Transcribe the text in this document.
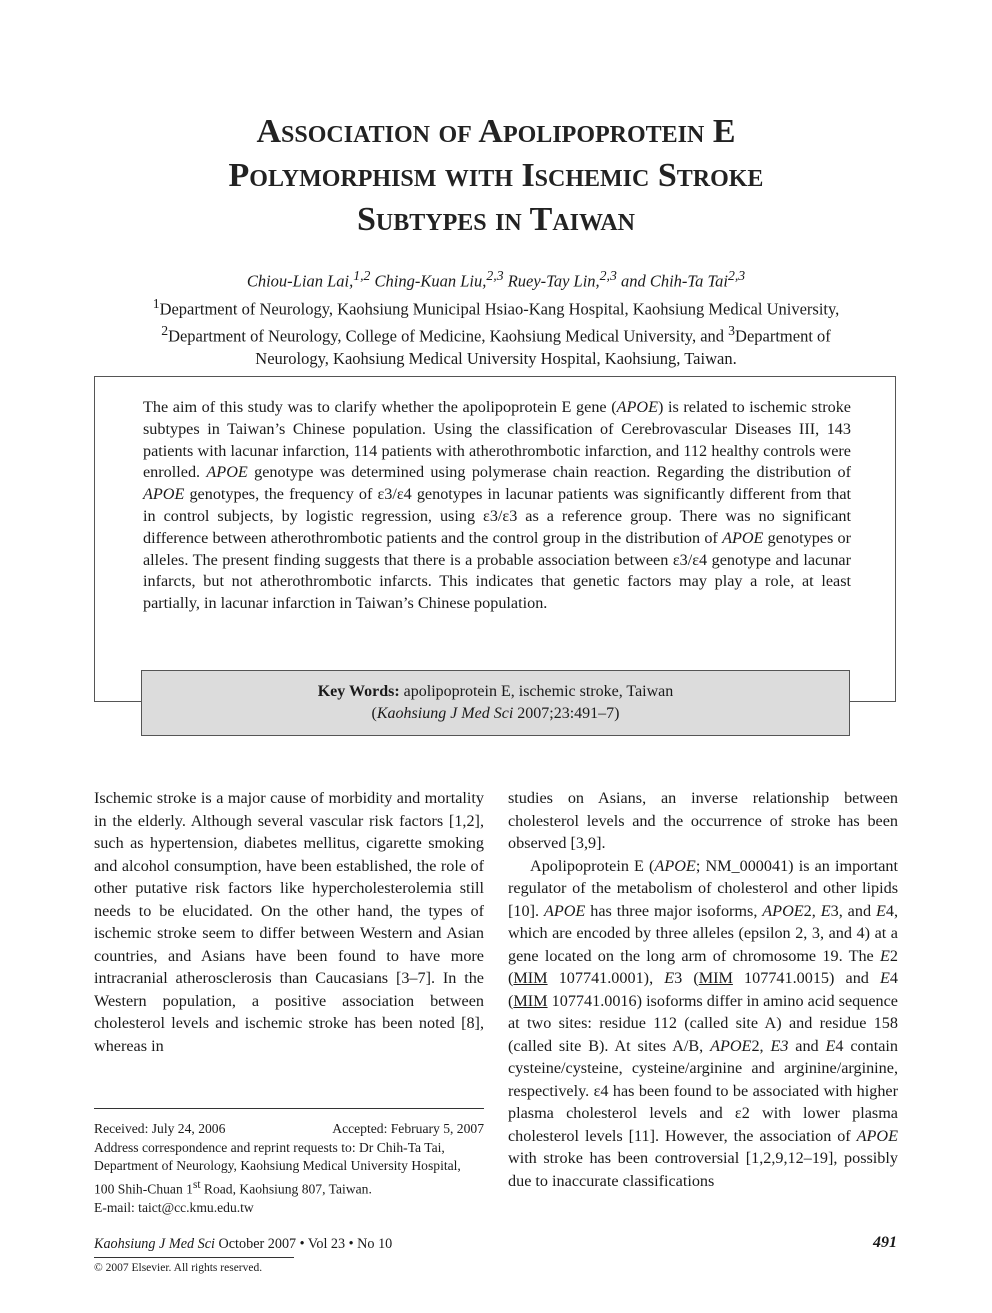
Association of Apolipoprotein E
Polymorphism with Ischemic Stroke
Subtypes in Taiwan
Chiou-Lian Lai,$^{1,2}$ Ching-Kuan Liu,$^{2,3}$ Ruey-Tay Lin,$^{2,3}$ and Chih-Ta Tai$^{2,3}$
$^1$Department of Neurology, Kaohsiung Municipal Hsiao-Kang Hospital, Kaohsiung Medical University,
$^2$Department of Neurology, College of Medicine, Kaohsiung Medical University, and $^3$Department of
Neurology, Kaohsiung Medical University Hospital, Kaohsiung, Taiwan.
The aim of this study was to clarify whether the apolipoprotein E gene (APOE) is related to ischemic stroke subtypes in Taiwan’s Chinese population. Using the classification of Cerebrovascular Diseases III, 143 patients with lacunar infarction, 114 patients with atherothrombotic infarction, and 112 healthy controls were enrolled. APOE genotype was determined using polymerase chain reaction. Regarding the distribution of APOE genotypes, the frequency of ε3/ε4 genotypes in lacunar patients was significantly different from that in control subjects, by logistic regression, using ε3/ε3 as a reference group. There was no significant difference between atherothrombotic patients and the control group in the distribution of APOE genotypes or alleles. The present finding suggests that there is a probable association between ε3/ε4 genotype and lacunar infarcts, but not atherothrombotic infarcts. This indicates that genetic factors may play a role, at least partially, in lacunar infarction in Taiwan’s Chinese population.
Key Words: apolipoprotein E, ischemic stroke, Taiwan
(Kaohsiung J Med Sci 2007;23:491–7)

Ischemic stroke is a major cause of morbidity and mortality in the elderly. Although several vascular risk factors [1,2], such as hypertension, diabetes mellitus, cigarette smoking and alcohol consumption, have been established, the role of other putative risk factors like hypercholesterolemia still needs to be elucidated. On the other hand, the types of ischemic stroke seem to differ between Western and Asian countries, and Asians have been found to have more intracranial atherosclerosis than Caucasians [3–7]. In the Western population, a positive association between cholesterol levels and ischemic stroke has been noted [8], whereas in

studies on Asians, an inverse relationship between cholesterol levels and the occurrence of stroke has been observed [3,9].

Apolipoprotein E (APOE; NM_000041) is an important regulator of the metabolism of cholesterol and other lipids [10]. APOE has three major isoforms, APOE2, E3, and E4, which are encoded by three alleles (epsilon 2, 3, and 4) at a gene located on the long arm of chromosome 19. The E2 (MIM 107741.0001), E3 (MIM 107741.0015) and E4 (MIM 107741.0016) isoforms differ in amino acid sequence at two sites: residue 112 (called site A) and residue 158 (called site B). At sites A/B, APOE2, E3 and E4 contain cysteine/cysteine, cysteine/arginine and arginine/arginine, respectively. ε4 has been found to be associated with higher plasma cholesterol levels and ε2 with lower plasma cholesterol levels [11]. However, the association of APOE with stroke has been controversial [1,2,9,12–19], possibly due to inaccurate classifications

Received: July 24, 2006	Accepted: February 5, 2007
Address correspondence and reprint requests to: Dr Chih-Ta Tai, Department of Neurology, Kaohsiung Medical University Hospital, 100 Shih-Chuan 1st Road, Kaohsiung 807, Taiwan.
E-mail: taict@cc.kmu.edu.tw
Kaohsiung J Med Sci October 2007 • Vol 23 • No 10	491
© 2007 Elsevier. All rights reserved.
